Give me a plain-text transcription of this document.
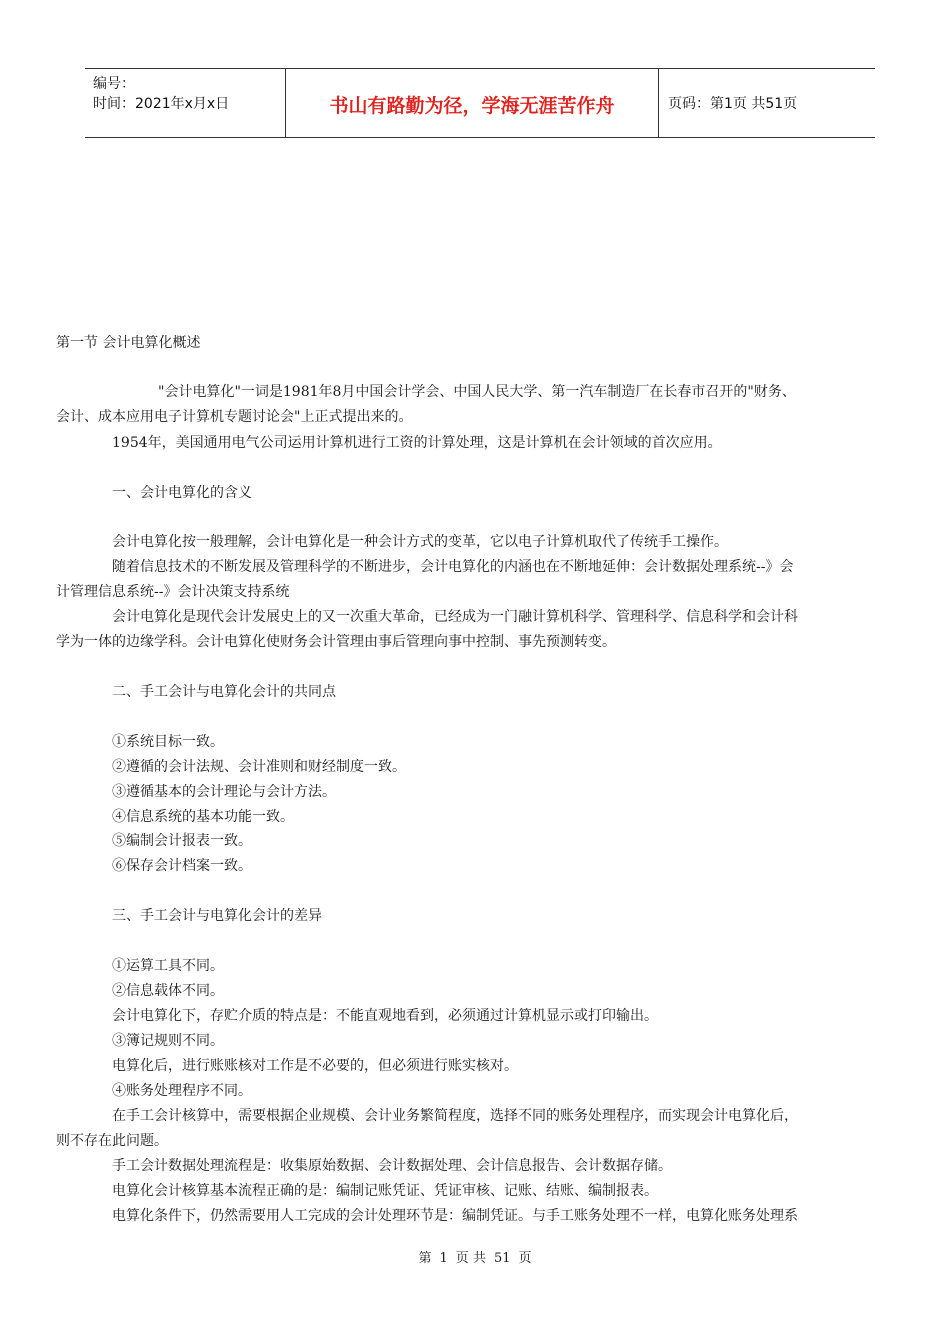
编号：
时间：2021年x月x日	书山有路勤为径，学海无涯苦作舟	页码：第1页 共51页
第一节 会计电算化概述
"会计电算化"一词是1981年8月中国会计学会、中国人民大学、第一汽车制造厂在长春市召开的"财务、
会计、成本应用电子计算机专题讨论会"上正式提出来的。
1954年，美国通用电气公司运用计算机进行工资的计算处理，这是计算机在会计领域的首次应用。
一、会计电算化的含义
会计电算化按一般理解，会计电算化是一种会计方式的变革，它以电子计算机取代了传统手工操作。
随着信息技术的不断发展及管理科学的不断进步，会计电算化的内涵也在不断地延伸：会计数据处理系统--》会
计管理信息系统--》会计决策支持系统
会计电算化是现代会计发展史上的又一次重大革命，已经成为一门融计算机科学、管理科学、信息科学和会计科
学为一体的边缘学科。会计电算化使财务会计管理由事后管理向事中控制、事先预测转变。
二、手工会计与电算化会计的共同点
①系统目标一致。
②遵循的会计法规、会计准则和财经制度一致。
③遵循基本的会计理论与会计方法。
④信息系统的基本功能一致。
⑤编制会计报表一致。
⑥保存会计档案一致。
三、手工会计与电算化会计的差异
①运算工具不同。
②信息载体不同。
会计电算化下，存贮介质的特点是：不能直观地看到，必须通过计算机显示或打印输出。
③簿记规则不同。
电算化后，进行账账核对工作是不必要的，但必须进行账实核对。
④账务处理程序不同。
在手工会计核算中，需要根据企业规模、会计业务繁简程度，选择不同的账务处理程序，而实现会计电算化后，
则不存在此问题。
手工会计数据处理流程是：收集原始数据、会计数据处理、会计信息报告、会计数据存储。
电算化会计核算基本流程正确的是：编制记账凭证、凭证审核、记账、结账、编制报表。
电算化条件下，仍然需要用人工完成的会计处理环节是：编制凭证。与手工账务处理不一样，电算化账务处理系
第 1 页 共 51 页
